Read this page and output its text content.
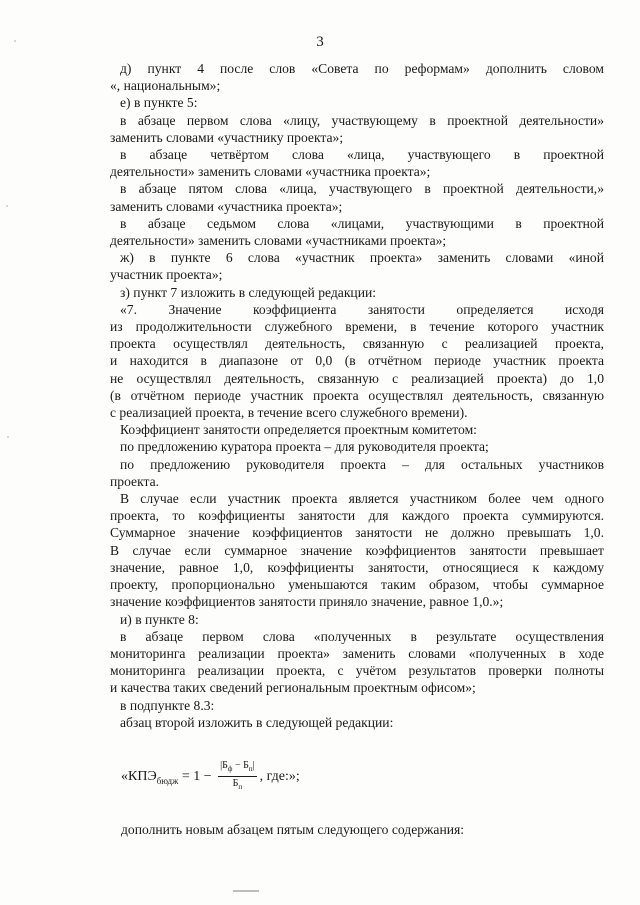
3
д) пункт 4 после слов «Совета по реформам» дополнить словом
«, национальным»;
е) в пункте 5:
в абзаце первом слова «лицу, участвующему в проектной деятельности»
заменить словами «участнику проекта»;
в абзаце четвёртом слова «лица, участвующего в проектной
деятельности» заменить словами «участника проекта»;
в абзаце пятом слова «лица, участвующего в проектной деятельности,»
заменить словами «участника проекта»;
в абзаце седьмом слова «лицами, участвующими в проектной
деятельности» заменить словами «участниками проекта»;
ж) в пункте 6 слова «участник проекта» заменить словами «иной
участник проекта»;
з) пункт 7 изложить в следующей редакции:
«7. Значение коэффициента занятости определяется исходя
из продолжительности служебного времени, в течение которого участник
проекта осуществлял деятельность, связанную с реализацией проекта,
и находится в диапазоне от 0,0 (в отчётном периоде участник проекта
не осуществлял деятельность, связанную с реализацией проекта) до 1,0
(в отчётном периоде участник проекта осуществлял деятельность, связанную
с реализацией проекта, в течение всего служебного времени).
Коэффициент занятости определяется проектным комитетом:
по предложению куратора проекта – для руководителя проекта;
по предложению руководителя проекта – для остальных участников
проекта.
В случае если участник проекта является участником более чем одного
проекта, то коэффициенты занятости для каждого проекта суммируются.
Суммарное значение коэффициентов занятости не должно превышать 1,0.
В случае если суммарное значение коэффициентов занятости превышает
значение, равное 1,0, коэффициенты занятости, относящиеся к каждому
проекту, пропорционально уменьшаются таким образом, чтобы суммарное
значение коэффициентов занятости приняло значение, равное 1,0.»;
и) в пункте 8:
в абзаце первом слова «полученных в результате осуществления
мониторинга реализации проекта» заменить словами «полученных в ходе
мониторинга реализации проекта, с учётом результатов проверки полноты
и качества таких сведений региональным проектным офисом»;
в подпункте 8.3:
абзац второй изложить в следующей редакции:
«КПЭ бюдж = $1 - \frac{|Б_ф - Б_п|}{Б_п}$ , где:»;
дополнить новым абзацем пятым следующего содержания:
